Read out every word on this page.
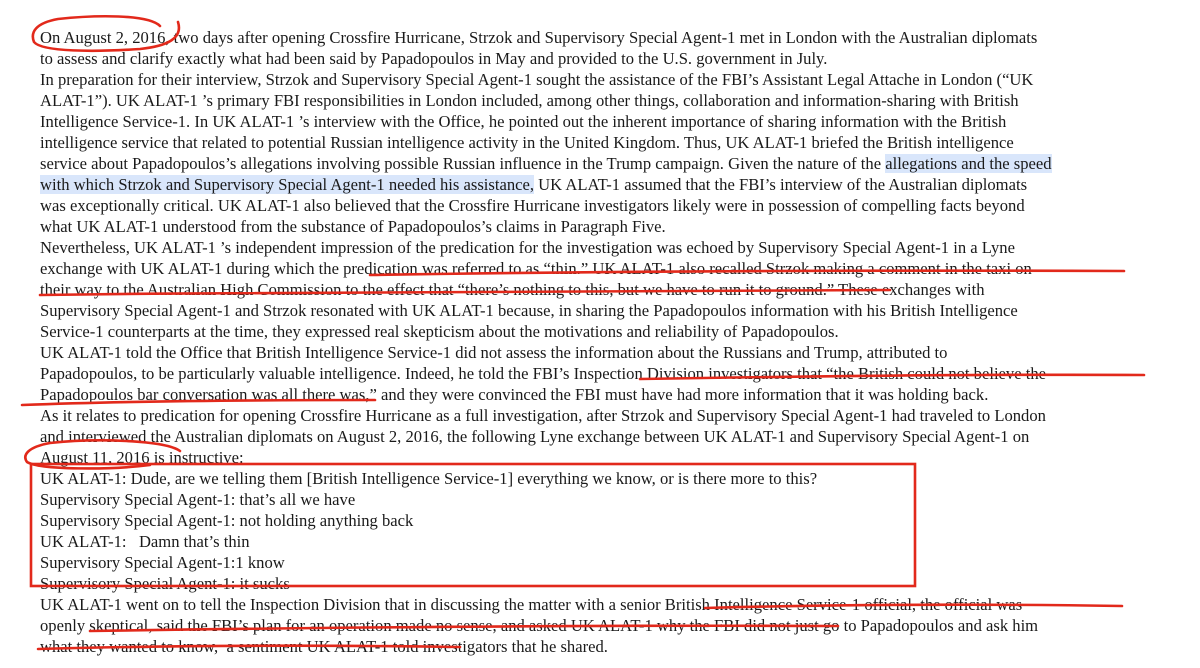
On August 2, 2016, two days after opening Crossfire Hurricane, Strzok and Supervisory Special Agent-1 met in London with the Australian diplomats
to assess and clarify exactly what had been said by Papadopoulos in May and provided to the U.S. government in July.

In preparation for their interview, Strzok and Supervisory Special Agent-1 sought the assistance of the FBI’s Assistant Legal Attache in London (“UK
ALAT-1”). UK ALAT-1 ’s primary FBI responsibilities in London included, among other things, collaboration and information-sharing with British
Intelligence Service-1. In UK ALAT-1 ’s interview with the Office, he pointed out the inherent importance of sharing information with the British
intelligence service that related to potential Russian intelligence activity in the United Kingdom. Thus, UK ALAT-1 briefed the British intelligence
service about Papadopoulos’s allegations involving possible Russian influence in the Trump campaign. Given the nature of the allegations and the speed
with which Strzok and Supervisory Special Agent-1 needed his assistance, UK ALAT-1 assumed that the FBI’s interview of the Australian diplomats
was exceptionally critical. UK ALAT-1 also believed that the Crossfire Hurricane investigators likely were in possession of compelling facts beyond
what UK ALAT-1 understood from the substance of Papadopoulos’s claims in Paragraph Five.

Nevertheless, UK ALAT-1 ’s independent impression of the predication for the investigation was echoed by Supervisory Special Agent-1 in a Lyne
exchange with UK ALAT-1 during which the predication was referred to as “thin.” UK ALAT-1 also recalled Strzok making a comment in the taxi on
their way to the Australian High Commission to the effect that “there’s nothing to this, but we have to run it to ground.” These exchanges with
Supervisory Special Agent-1 and Strzok resonated with UK ALAT-1 because, in sharing the Papadopoulos information with his British Intelligence
Service-1 counterparts at the time, they expressed real skepticism about the motivations and reliability of Papadopoulos.

UK ALAT-1 told the Office that British Intelligence Service-1 did not assess the information about the Russians and Trump, attributed to
Papadopoulos, to be particularly valuable intelligence. Indeed, he told the FBI’s Inspection Division investigators that “the British could not believe the
Papadopoulos bar conversation was all there was,” and they were convinced the FBI must have had more information that it was holding back.

As it relates to predication for opening Crossfire Hurricane as a full investigation, after Strzok and Supervisory Special Agent-1 had traveled to London
and interviewed the Australian diplomats on August 2, 2016, the following Lyne exchange between UK ALAT-1 and Supervisory Special Agent-1 on
August 11, 2016 is instructive:

UK ALAT-1: Dude, are we telling them [British Intelligence Service-1] everything we know, or is there more to this?
Supervisory Special Agent-1: that’s all we have
Supervisory Special Agent-1: not holding anything back
UK ALAT-1:   Damn that’s thin
Supervisory Special Agent-1:1 know
Supervisory Special Agent-1: it sucks

UK ALAT-1 went on to tell the Inspection Division that in discussing the matter with a senior British Intelligence Service-1 official, the official was
openly skeptical, said the FBI’s plan for an operation made no sense, and asked UK ALAT-1 why the FBI did not just go to Papadopoulos and ask him
what they wanted to know,  a sentiment UK ALAT-1 told investigators that he shared.
